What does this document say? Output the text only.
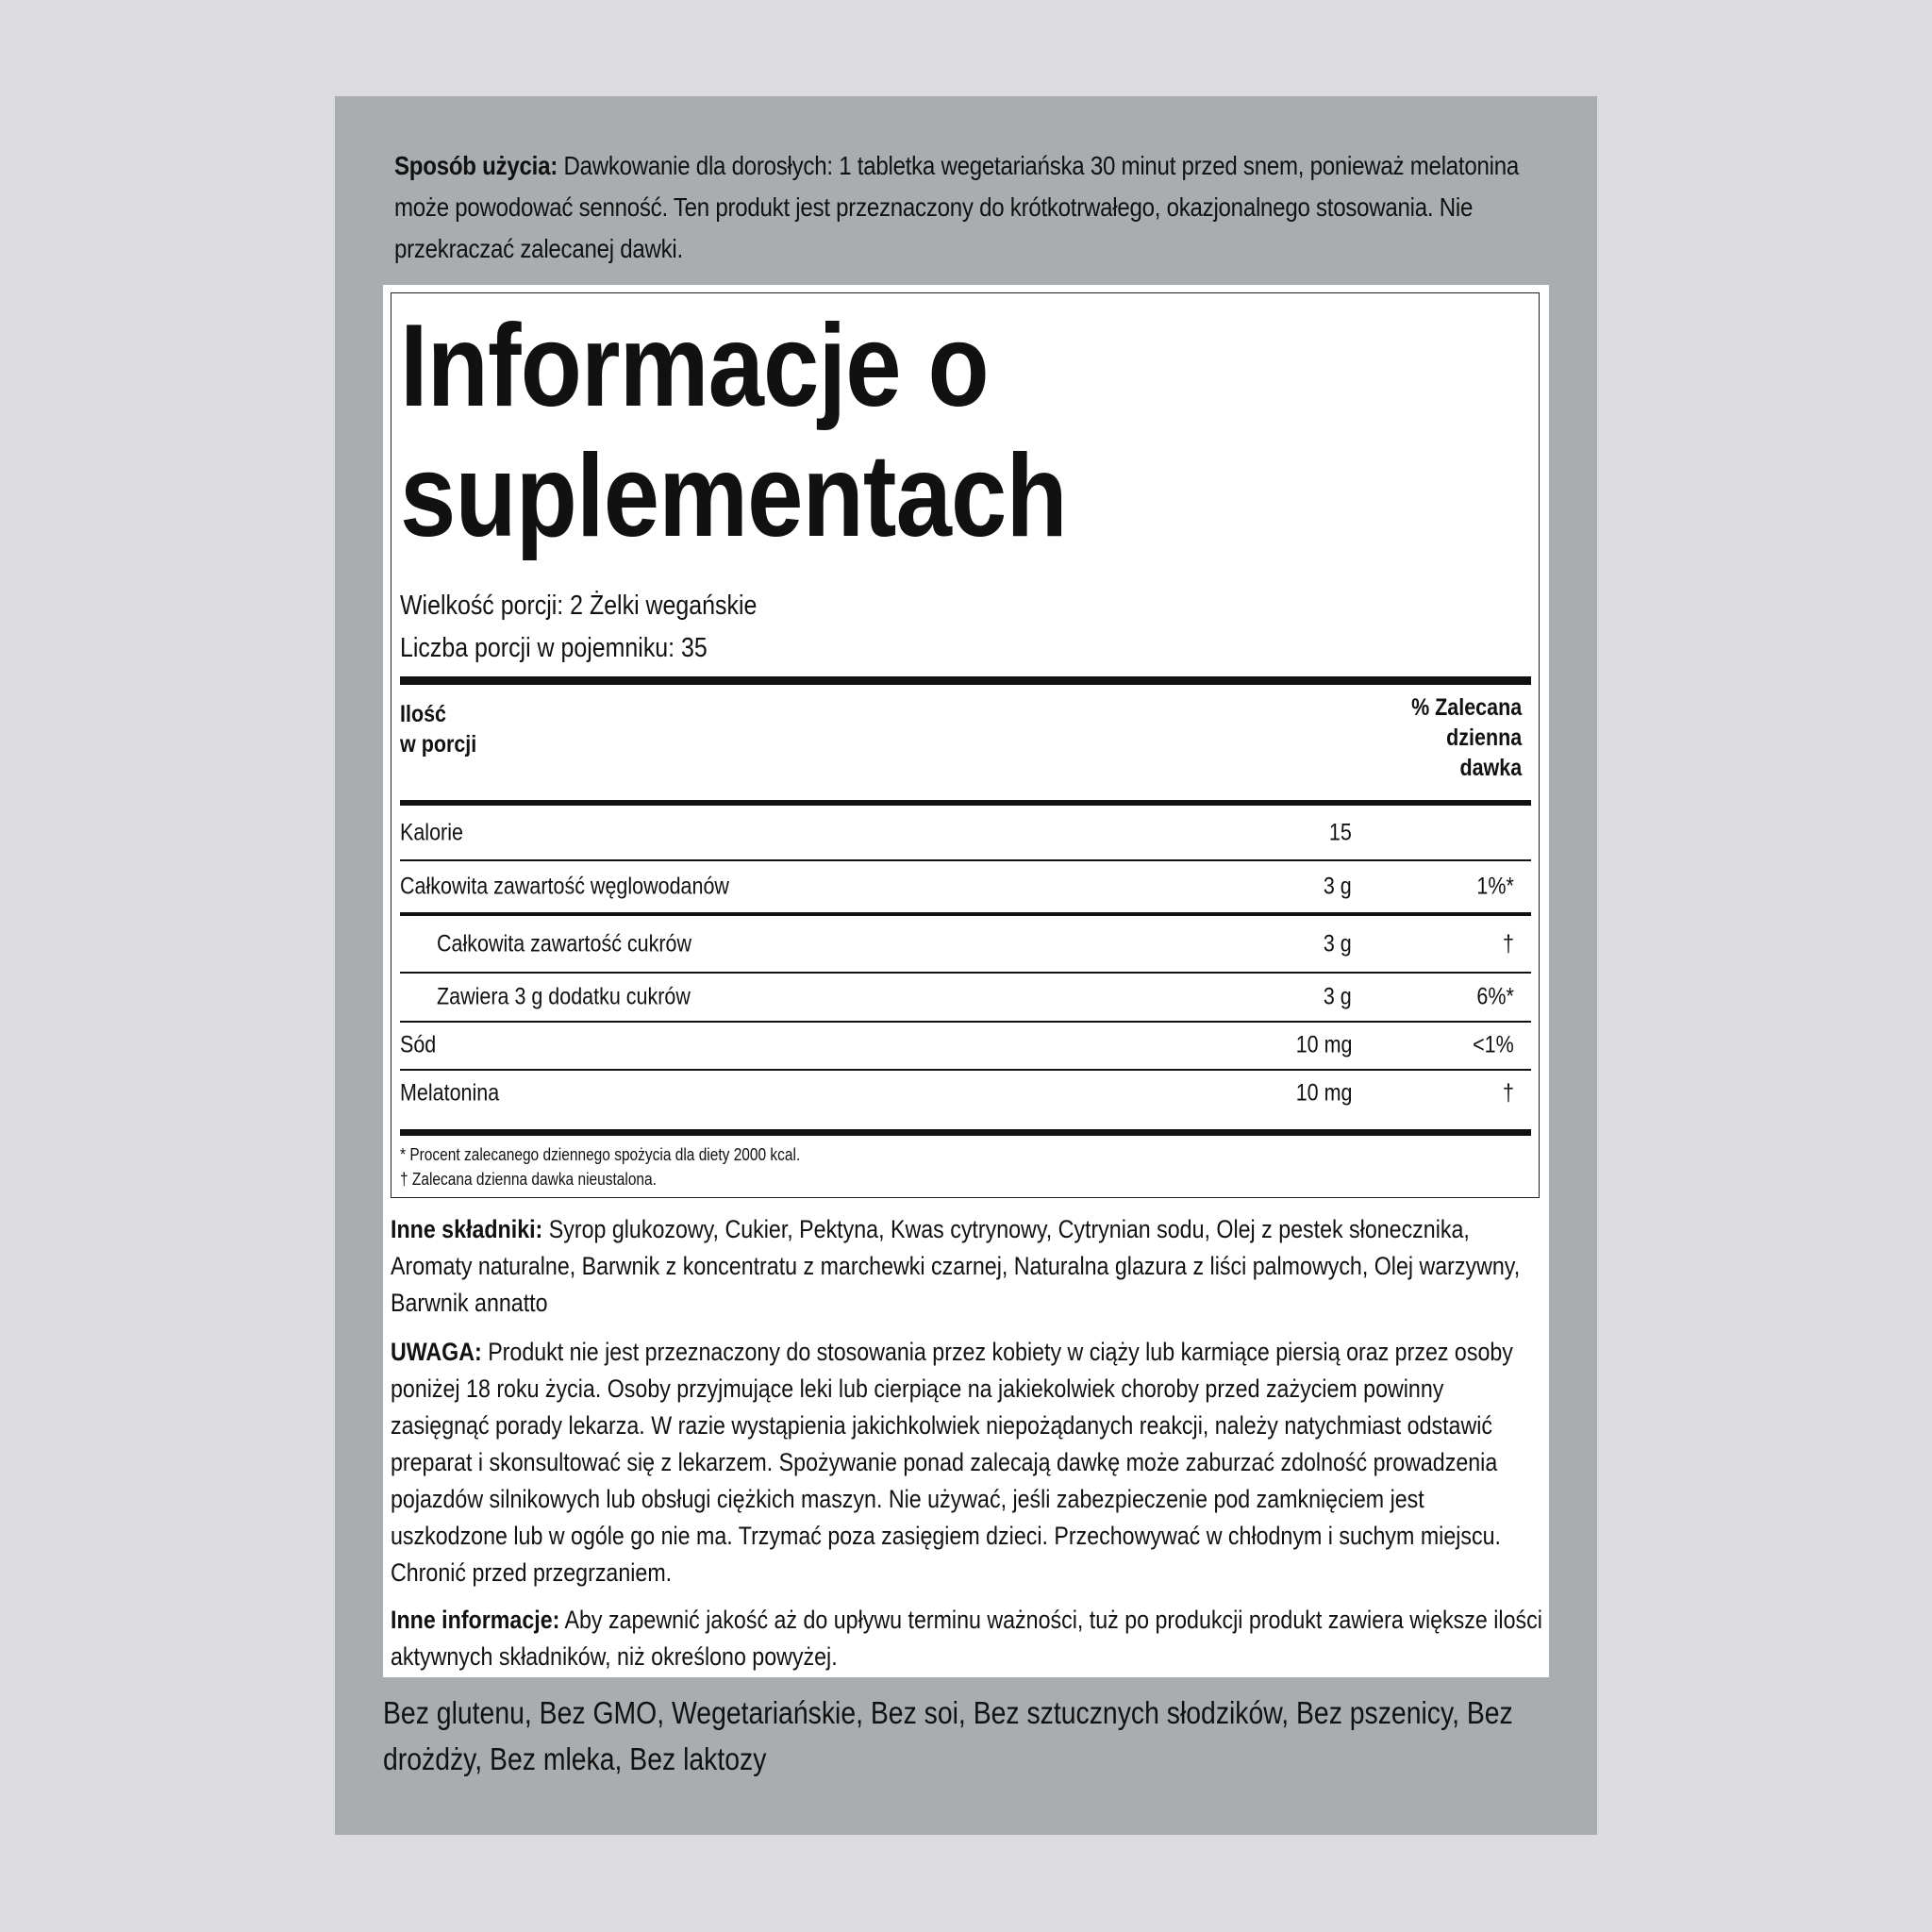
Sposób użycia: Dawkowanie dla dorosłych: 1 tabletka wegetariańska 30 minut przed snem, ponieważ melatonina może powodować senność. Ten produkt jest przeznaczony do krótkotrwałego, okazjonalnego stosowania. Nie przekraczać zalecanej dawki.
Informacje o
suplementach
Wielkość porcji: 2 Żelki wegańskie
Liczba porcji w pojemniku: 35
Ilość
w porcji
% Zalecana
dzienna
dawka
Kalorie	15
Całkowita zawartość węglowodanów	3 g	1%*
Całkowita zawartość cukrów	3 g	†
Zawiera 3 g dodatku cukrów	3 g	6%*
Sód	10 mg	<1%
Melatonina	10 mg	†
* Procent zalecanego dziennego spożycia dla diety 2000 kcal.
† Zalecana dzienna dawka nieustalona.
Inne składniki: Syrop glukozowy, Cukier, Pektyna, Kwas cytrynowy, Cytrynian sodu, Olej z pestek słonecznika, Aromaty naturalne, Barwnik z koncentratu z marchewki czarnej, Naturalna glazura z liści palmowych, Olej warzywny, Barwnik annatto
UWAGA: Produkt nie jest przeznaczony do stosowania przez kobiety w ciąży lub karmiące piersią oraz przez osoby poniżej 18 roku życia. Osoby przyjmujące leki lub cierpiące na jakiekolwiek choroby przed zażyciem powinny zasięgnąć porady lekarza. W razie wystąpienia jakichkolwiek niepożądanych reakcji, należy natychmiast odstawić preparat i skonsultować się z lekarzem. Spożywanie ponad zalecają dawkę może zaburzać zdolność prowadzenia pojazdów silnikowych lub obsługi ciężkich maszyn. Nie używać, jeśli zabezpieczenie pod zamknięciem jest uszkodzone lub w ogóle go nie ma. Trzymać poza zasięgiem dzieci. Przechowywać w chłodnym i suchym miejscu. Chronić przed przegrzaniem.
Inne informacje: Aby zapewnić jakość aż do upływu terminu ważności, tuż po produkcji produkt zawiera większe ilości aktywnych składników, niż określono powyżej.
Bez glutenu, Bez GMO, Wegetariańskie, Bez soi, Bez sztucznych słodzików, Bez pszenicy, Bez drożdży, Bez mleka, Bez laktozy
